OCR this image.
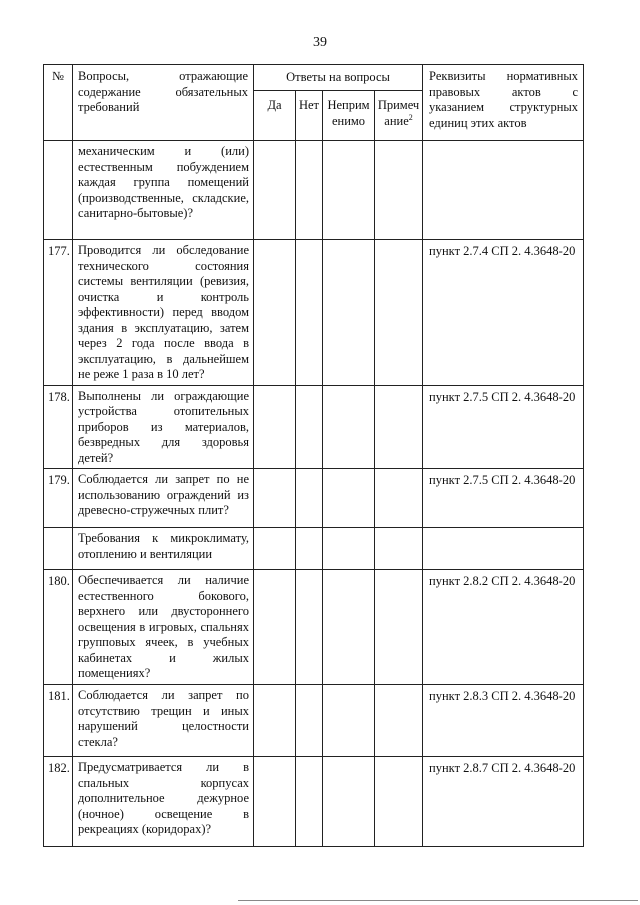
39
№	Вопросы, отражающие содержание обязательных требований	Ответы на вопросы				Реквизиты нормативных правовых актов с указанием структурных единиц этих актов
		Да	Нет	Неприм енимо	Примеч ание$^2$

	механическим и (или) естественным побуждением каждая группа помещений (производственные, складские, санитарно-бытовые)?					

177.	Проводится ли обследование технического состояния системы вентиляции (ревизия, очистка и контроль эффективности) перед вводом здания в эксплуатацию, затем через 2 года после ввода в эксплуатацию, в дальнейшем не реже 1 раза в 10 лет?					пункт 2.7.4 СП 2. 4.3648-20
178.	Выполнены ли ограждающие устройства отопительных приборов из материалов, безвредных для здоровья детей?					пункт 2.7.5 СП 2. 4.3648-20
179.	Соблюдается ли запрет по не использованию ограждений из древесно-стружечных плит?					пункт 2.7.5 СП 2. 4.3648-20

	Требования к микроклимату, отоплению и вентиляции					

180.	Обеспечивается ли наличие естественного бокового, верхнего или двустороннего освещения в игровых, спальнях групповых ячеек, в учебных кабинетах и жилых помещениях?					пункт 2.8.2 СП 2. 4.3648-20
181.	Соблюдается ли запрет по отсутствию трещин и иных нарушений целостности стекла?					пункт 2.8.3 СП 2. 4.3648-20
182.	Предусматривается ли в спальных корпусах дополнительное дежурное (ночное) освещение в рекреациях (коридорах)?					пункт 2.8.7 СП 2. 4.3648-20
